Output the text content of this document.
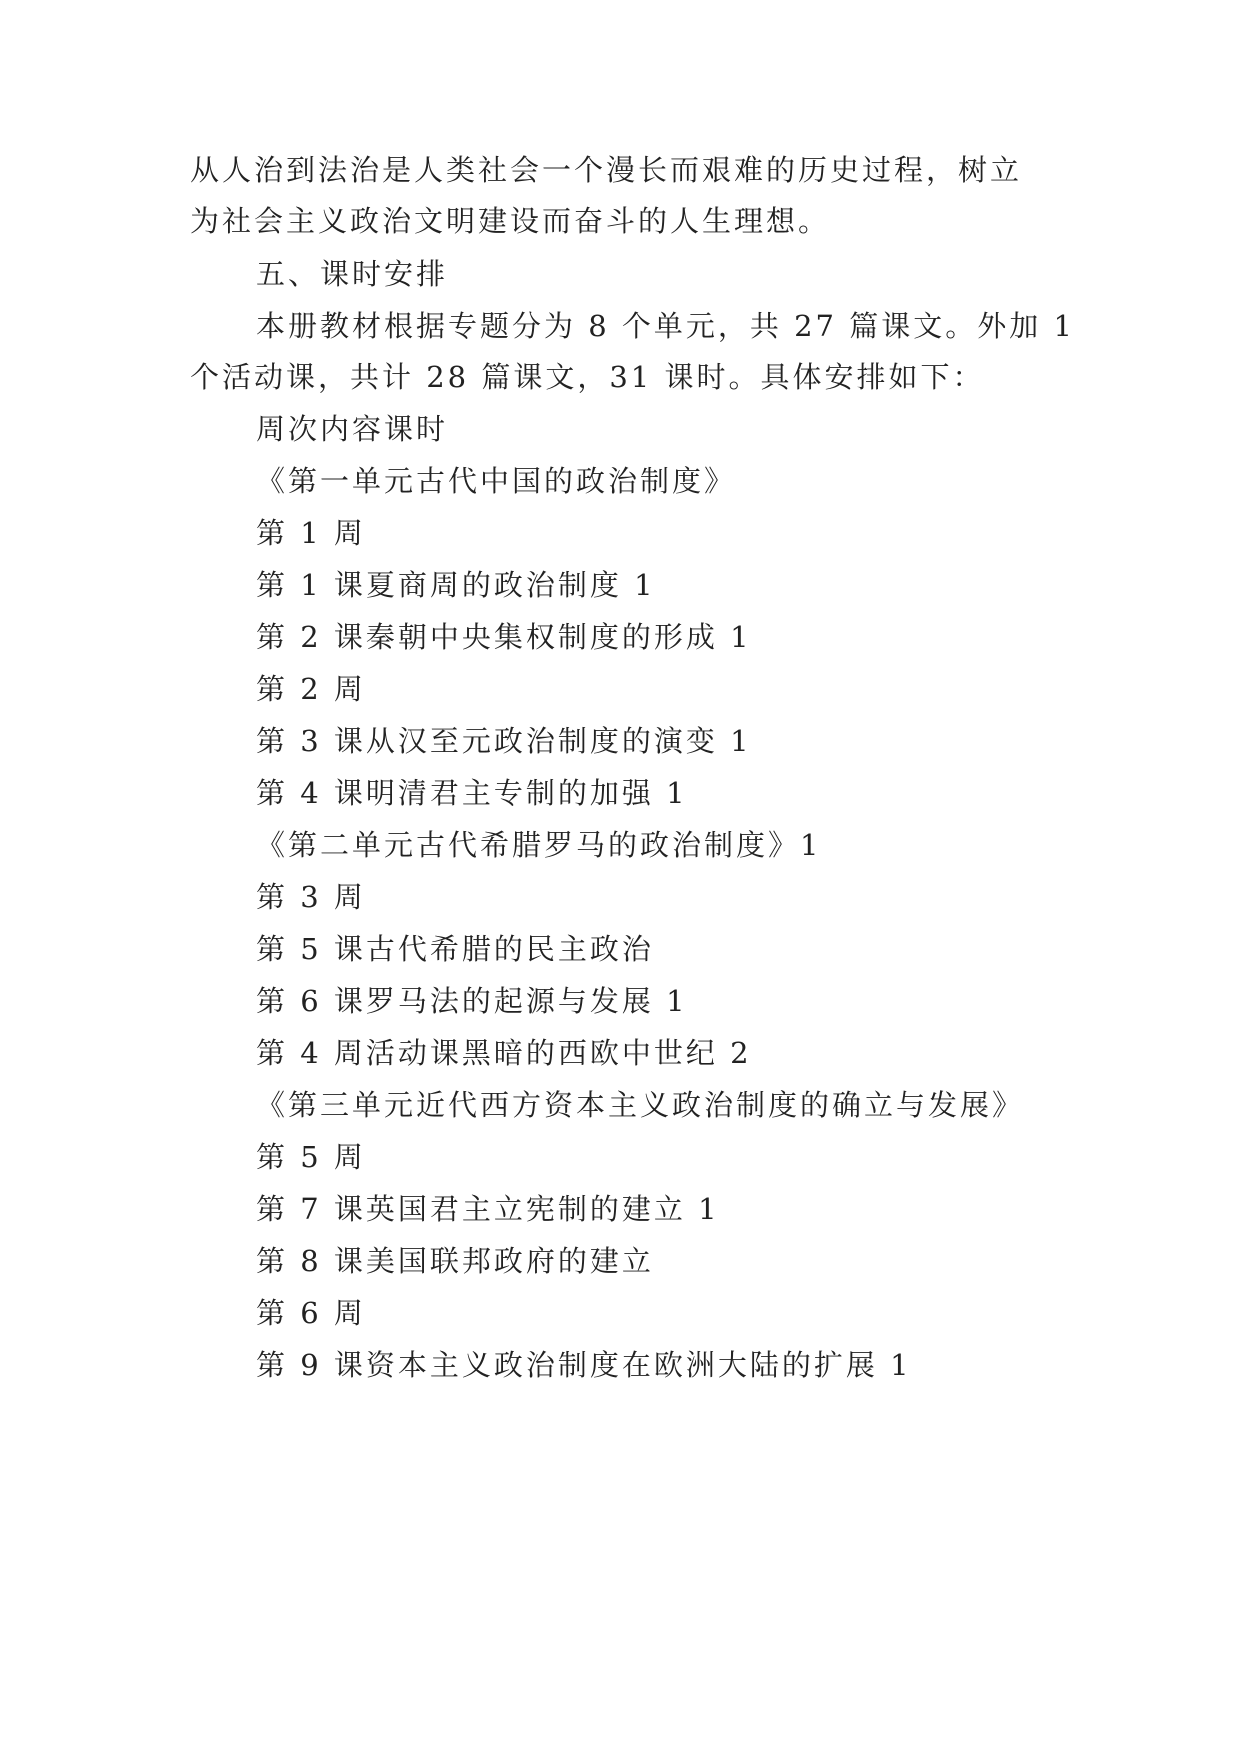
从人治到法治是人类社会一个漫长而艰难的历史过程，树立
为社会主义政治文明建设而奋斗的人生理想。
五、课时安排
本册教材根据专题分为 8 个单元，共 27 篇课文。外加 1
个活动课，共计 28 篇课文，31 课时。具体安排如下：
周次内容课时
《第一单元古代中国的政治制度》
第 1 周
第 1 课夏商周的政治制度 1
第 2 课秦朝中央集权制度的形成 1
第 2 周
第 3 课从汉至元政治制度的演变 1
第 4 课明清君主专制的加强 1
《第二单元古代希腊罗马的政治制度》1
第 3 周
第 5 课古代希腊的民主政治
第 6 课罗马法的起源与发展 1
第 4 周活动课黑暗的西欧中世纪 2
《第三单元近代西方资本主义政治制度的确立与发展》
第 5 周
第 7 课英国君主立宪制的建立 1
第 8 课美国联邦政府的建立
第 6 周
第 9 课资本主义政治制度在欧洲大陆的扩展 1
